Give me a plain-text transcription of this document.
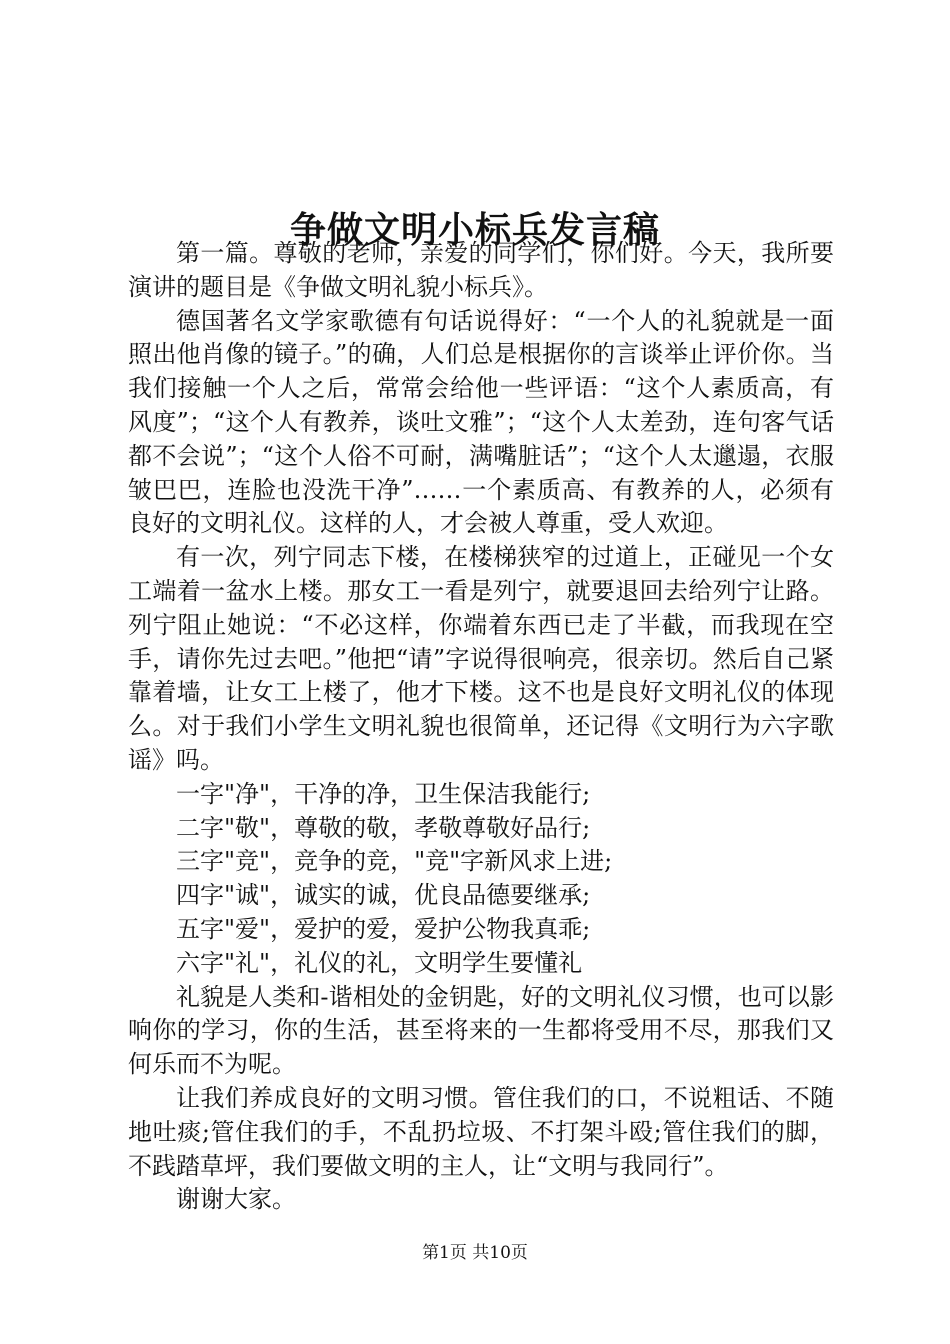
争做文明小标兵发言稿

第一篇。尊敬的老师，亲爱的同学们，你们好。今天，我所要演讲的题目是《争做文明礼貌小标兵》。

德国著名文学家歌德有句话说得好：“一个人的礼貌就是一面照出他肖像的镜子。”的确，人们总是根据你的言谈举止评价你。当我们接触一个人之后，常常会给他一些评语：“这个人素质高，有风度”；“这个人有教养，谈吐文雅”；“这个人太差劲，连句客气话都不会说”；“这个人俗不可耐，满嘴脏话”；“这个人太邋遢，衣服皱巴巴，连脸也没洗干净”……一个素质高、有教养的人，必须有良好的文明礼仪。这样的人，才会被人尊重，受人欢迎。

有一次，列宁同志下楼，在楼梯狭窄的过道上，正碰见一个女工端着一盆水上楼。那女工一看是列宁，就要退回去给列宁让路。列宁阻止她说：“不必这样，你端着东西已走了半截，而我现在空手，请你先过去吧。”他把“请”字说得很响亮，很亲切。然后自己紧靠着墙，让女工上楼了，他才下楼。这不也是良好文明礼仪的体现么。对于我们小学生文明礼貌也很简单，还记得《文明行为六字歌谣》吗。

一字"净"，干净的净，卫生保洁我能行;

二字"敬"，尊敬的敬，孝敬尊敬好品行;

三字"竞"，竞争的竞，"竞"字新风求上进;

四字"诚"，诚实的诚，优良品德要继承;

五字"爱"，爱护的爱，爱护公物我真乖;

六字"礼"，礼仪的礼，文明学生要懂礼

礼貌是人类和-谐相处的金钥匙，好的文明礼仪习惯，也可以影响你的学习，你的生活，甚至将来的一生都将受用不尽，那我们又何乐而不为呢。

让我们养成良好的文明习惯。管住我们的口，不说粗话、不随地吐痰;管住我们的手，不乱扔垃圾、不打架斗殴;管住我们的脚，不践踏草坪，我们要做文明的主人，让“文明与我同行”。

谢谢大家。

第1页 共10页
